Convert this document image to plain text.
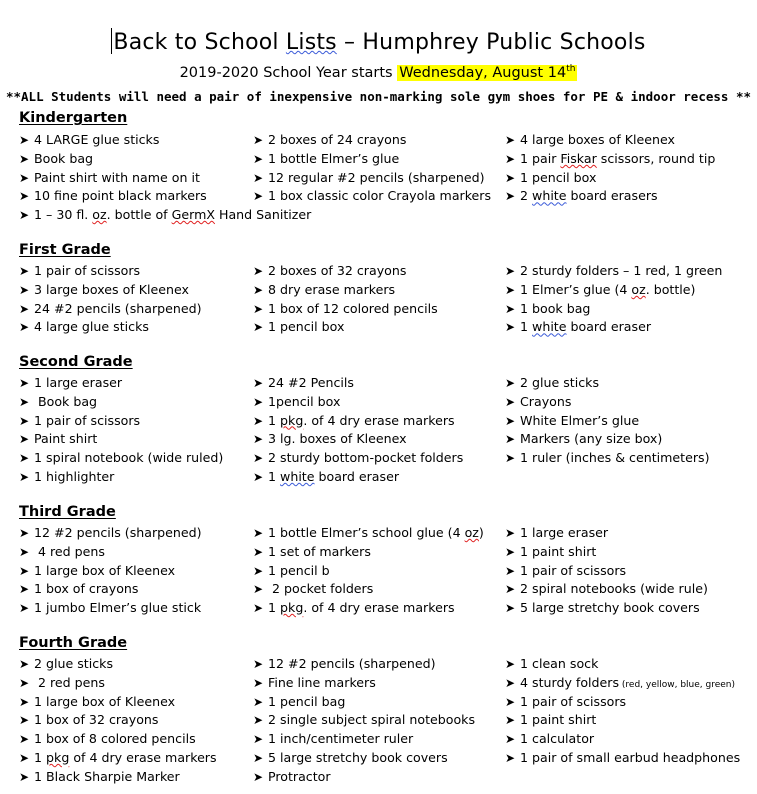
Back to School Lists – Humphrey Public Schools
2019-2020 School Year starts Wednesday, August 14th
**ALL Students will need a pair of inexpensive non-marking sole gym shoes for PE & indoor recess **
Kindergarten
➤ 4 LARGE glue sticks	➤ 2 boxes of 24 crayons	➤ 4 large boxes of Kleenex
➤ Book bag	➤ 1 bottle Elmer’s glue	➤ 1 pair Fiskar scissors, round tip
➤ Paint shirt with name on it	➤ 12 regular #2 pencils (sharpened) ➤ 1 pencil box
➤ 10 fine point black markers	➤ 1 box classic color Crayola markers ➤ 2 white board erasers
➤ 1 – 30 fl. oz. bottle of GermX Hand Sanitizer
First Grade
➤ 1 pair of scissors	➤ 2 boxes of 32 crayons	➤ 2 sturdy folders – 1 red, 1 green
➤ 3 large boxes of Kleenex	➤ 8 dry erase markers	➤ 1 Elmer’s glue (4 oz. bottle)
➤ 24 #2 pencils (sharpened)	➤ 1 box of 12 colored pencils	➤ 1 book bag
➤ 4 large glue sticks	➤ 1 pencil box	➤ 1 white board eraser
Second Grade
➤ 1 large eraser	➤ 24 #2 Pencils	➤ 2 glue sticks
➤ Book bag	➤ 1pencil box	➤ Crayons
➤ 1 pair of scissors	➤ 1 pkg. of 4 dry erase markers	➤ White Elmer’s glue
➤ Paint shirt	➤ 3 lg. boxes of Kleenex	➤ Markers (any size box)
➤ 1 spiral notebook (wide ruled) ➤ 2 sturdy bottom-pocket folders	➤ 1 ruler (inches & centimeters)
➤ 1 highlighter	➤ 1 white board eraser
Third Grade
➤ 12 #2 pencils (sharpened)	➤ 1 bottle Elmer’s school glue (4 oz) ➤ 1 large eraser
➤ 4 red pens	➤ 1 set of markers	➤ 1 paint shirt
➤ 1 large box of Kleenex	➤ 1 pencil b	➤ 1 pair of scissors
➤ 1 box of crayons	➤ 2 pocket folders	➤ 2 spiral notebooks (wide rule)
➤ 1 jumbo Elmer’s glue stick	➤ 1 pkg. of 4 dry erase markers	➤ 5 large stretchy book covers
Fourth Grade
➤ 2 glue sticks	➤ 12 #2 pencils (sharpened)	➤ 1 clean sock
➤ 2 red pens	➤ Fine line markers	➤ 4 sturdy folders (red, yellow, blue, green)
➤ 1 large box of Kleenex	➤ 1 pencil bag	➤ 1 pair of scissors
➤ 1 box of 32 crayons	➤ 2 single subject spiral notebooks ➤ 1 paint shirt
➤ 1 box of 8 colored pencils	➤ 1 inch/centimeter ruler	➤ 1 calculator
➤ 1 pkg of 4 dry erase markers	➤ 5 large stretchy book covers	➤ 1 pair of small earbud headphones
➤ 1 Black Sharpie Marker	➤ Protractor
